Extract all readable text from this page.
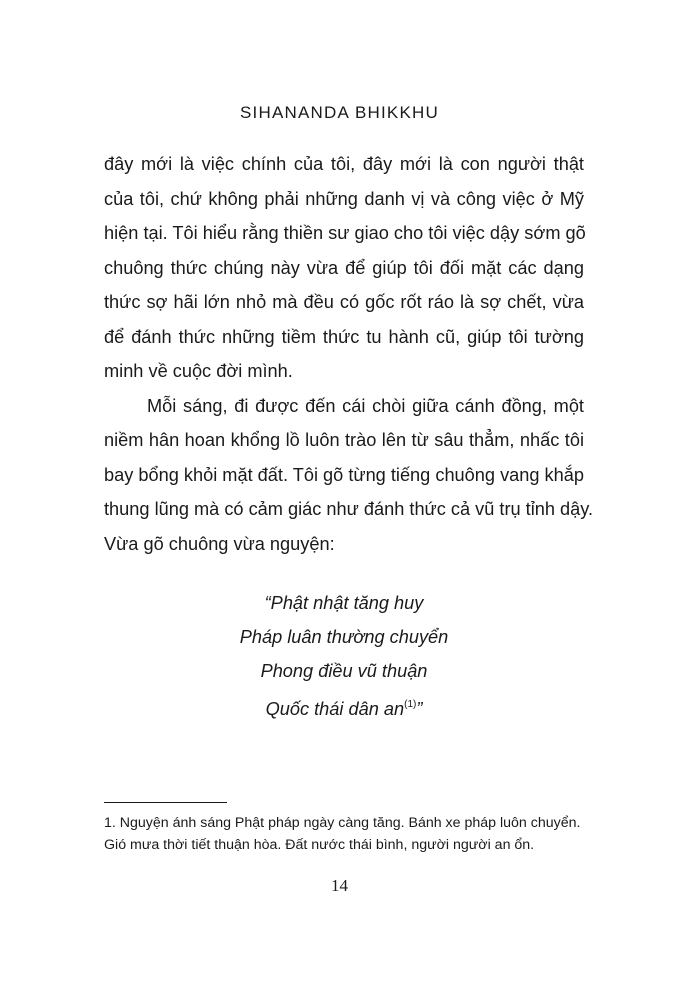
SIHANANDA BHIKKHU
đây mới là việc chính của tôi, đây mới là con người thật
của tôi, chứ không phải những danh vị và công việc ở Mỹ
hiện tại. Tôi hiểu rằng thiền sư giao cho tôi việc dậy sớm gõ
chuông thức chúng này vừa để giúp tôi đối mặt các dạng
thức sợ hãi lớn nhỏ mà đều có gốc rốt ráo là sợ chết, vừa
để đánh thức những tiềm thức tu hành cũ, giúp tôi tường
minh về cuộc đời mình.
Mỗi sáng, đi được đến cái chòi giữa cánh đồng, một
niềm hân hoan khổng lồ luôn trào lên từ sâu thẳm, nhấc tôi
bay bổng khỏi mặt đất. Tôi gõ từng tiếng chuông vang khắp
thung lũng mà có cảm giác như đánh thức cả vũ trụ tỉnh dậy.
Vừa gõ chuông vừa nguyện:
“Phật nhật tăng huy
Pháp luân thường chuyển
Phong điều vũ thuận
Quốc thái dân $an^{(1)}$”
1. Nguyện ánh sáng Phật pháp ngày càng tăng. Bánh xe pháp luôn chuyển.
Gió mưa thời tiết thuận hòa. Đất nước thái bình, người người an ổn.
14
